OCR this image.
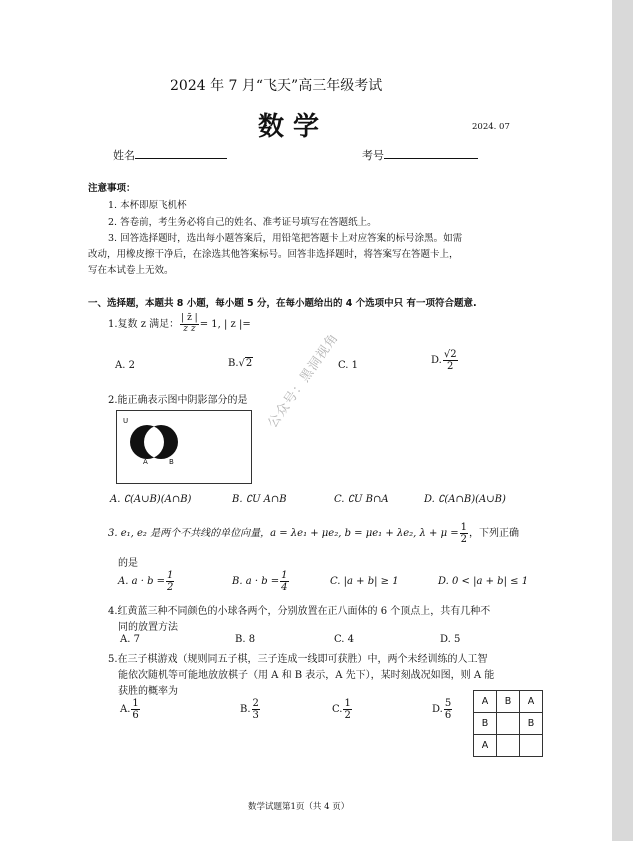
2024 年 7 月“飞天”高三年级考试
数 学	2024. 07
姓名	考号
注意事项：
1. 本杯即原飞机杯
2. 答卷前，考生务必将自己的姓名、准考证号填写在答题纸上。
3. 回答选择题时，选出每小题答案后，用铅笔把答题卡上对应答案的标号涂黑。如需
改动，用橡皮擦干净后，在涂选其他答案标号。回答非选择题时，将答案写在答题卡上，
写在本试卷上无效。
一、选择题，本题共 8 小题，每小题 5 分，在每小题给出的 4 个选项中只 有一项符合题意.
1.复数 z 满足： $\frac{| z̄ |}{\text{z z̄}} = 1$, | z |=
A. 2	B.√2	C. 1	D. $\frac{√2}{2}$
2.能正确表示图中阴影部分的是
U
A	B
A. ∁(A∪B)(A∩B)	B. ∁U A∩B	C. ∁U B∩A	D. ∁(A∩B)(A∪B)
3. e₁, e₂ 是两个不共线的单位向量，a = λe₁ + μe₂, b = μe₁ + λe₂, $\lambda + \mu = \frac{1}{2}$ ，下列正确
的是
A. $a \cdot b = \frac{1}{2}$	B. $a \cdot b = \frac{1}{4}$	C. |a + b| ≥ 1	D. 0 < |a + b| ≤ 1
4.红黄蓝三种不同颜色的小球各两个，分别放置在正八面体的 6 个顶点上，共有几种不
同的放置方法
A. 7	B. 8	C. 4	D. 5
5.在三子棋游戏（规则同五子棋，三子连成一线即可获胜）中，两个未经训练的人工智
能依次随机等可能地放放棋子（用 A 和 B 表示，A 先下），某时刻战况如图，则 A 能
获胜的概率为
A. $\frac{1}{6}$	B. $\frac{2}{3}$	C. $\frac{1}{2}$	D. $\frac{5}{6}$	A	B	A
B		B
A		
公众号：黑洞视角
数学试题第1页（共 4 页）
